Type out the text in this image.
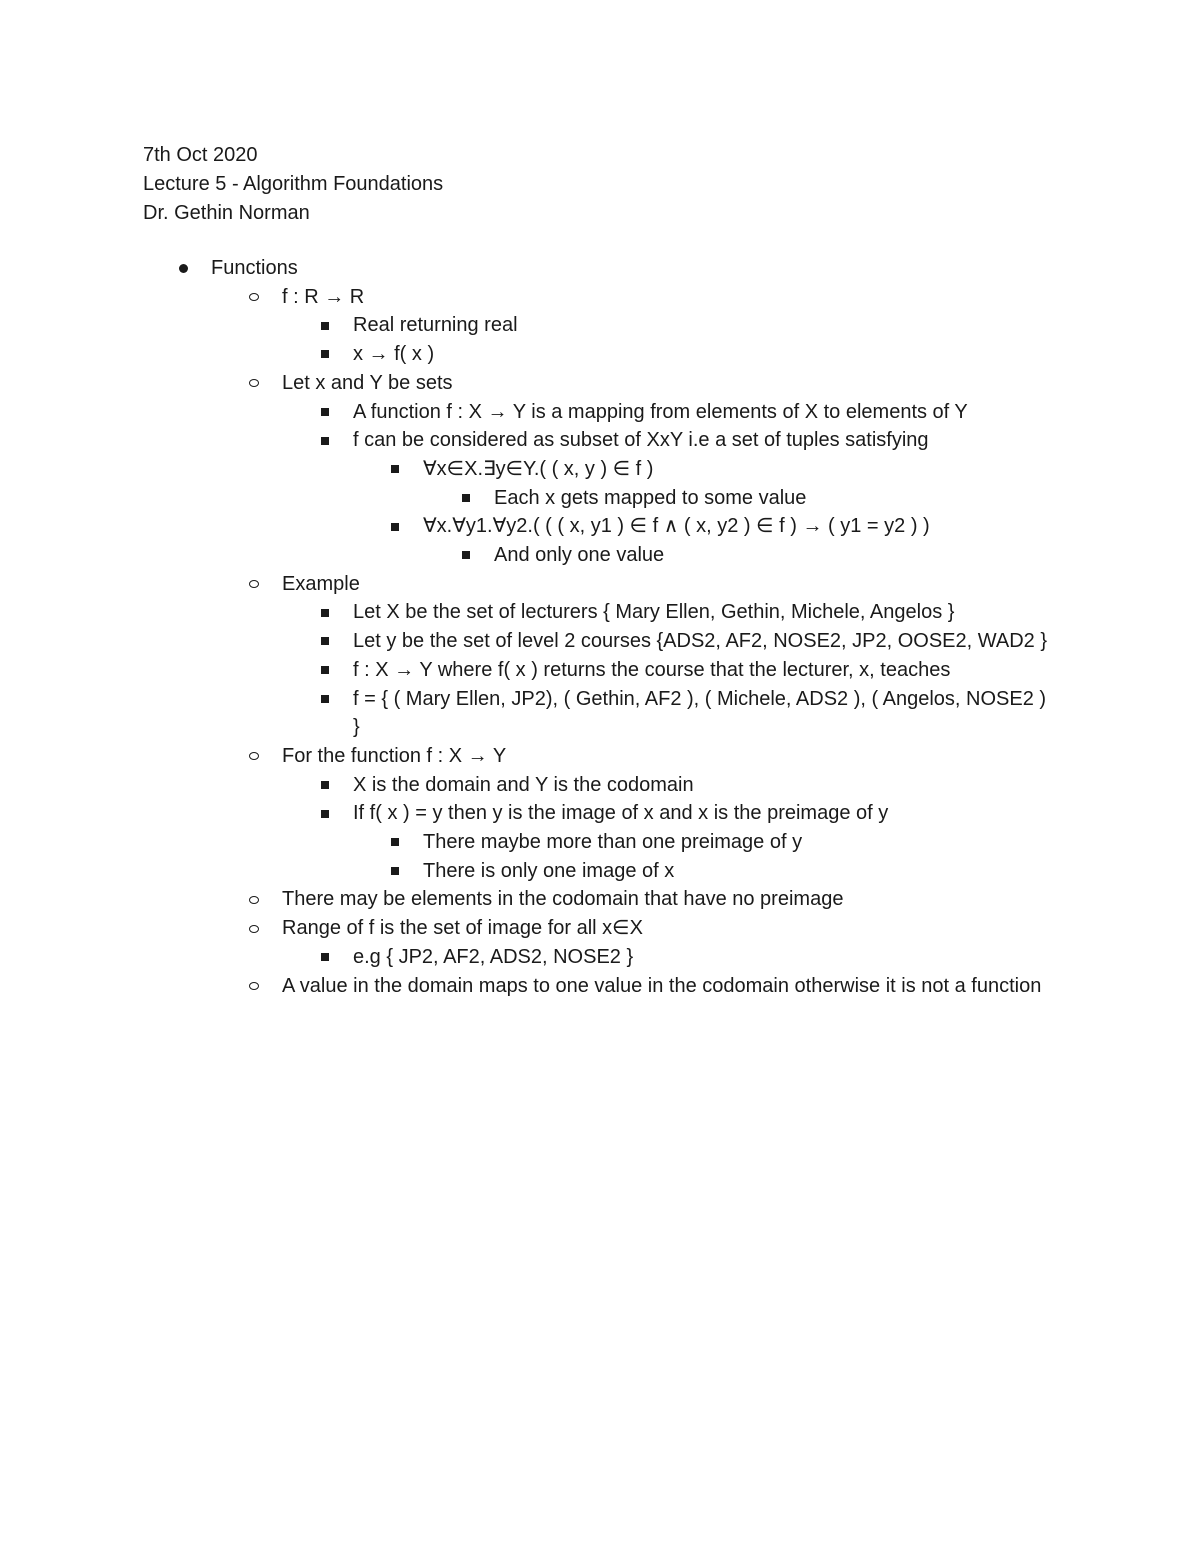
7th Oct 2020
Lecture 5 - Algorithm Foundations
Dr. Gethin Norman
Functions
f : R → R
Real returning real
x → f( x )
Let x and Y be sets
A function f : X → Y is a mapping from elements of X to elements of Y
f can be considered as subset of XxY i.e a set of tuples satisfying
∀x∈X.∃y∈Y.( ( x, y ) ∈ f )
Each x gets mapped to some value
∀x.∀y1.∀y2.( ( ( x, y1 ) ∈ f ∧ ( x, y2 ) ∈ f ) → ( y1 = y2 ) )
And only one value
Example
Let X be the set of lecturers { Mary Ellen, Gethin, Michele, Angelos }
Let y be the set of level 2 courses {ADS2, AF2, NOSE2, JP2, OOSE2, WAD2 }
f : X → Y where f( x ) returns the course that the lecturer, x, teaches
f = { ( Mary Ellen, JP2), ( Gethin, AF2 ), ( Michele, ADS2 ), ( Angelos, NOSE2 ) }
For the function f : X → Y
X is the domain and Y is the codomain
If f( x ) = y then y is the image of x and x is the preimage of y
There maybe more than one preimage of y
There is only one image of x
There may be elements in the codomain that have no preimage
Range of f is the set of image for all x∈X
e.g { JP2, AF2, ADS2, NOSE2 }
A value in the domain maps to one value in the codomain otherwise it is not a function
